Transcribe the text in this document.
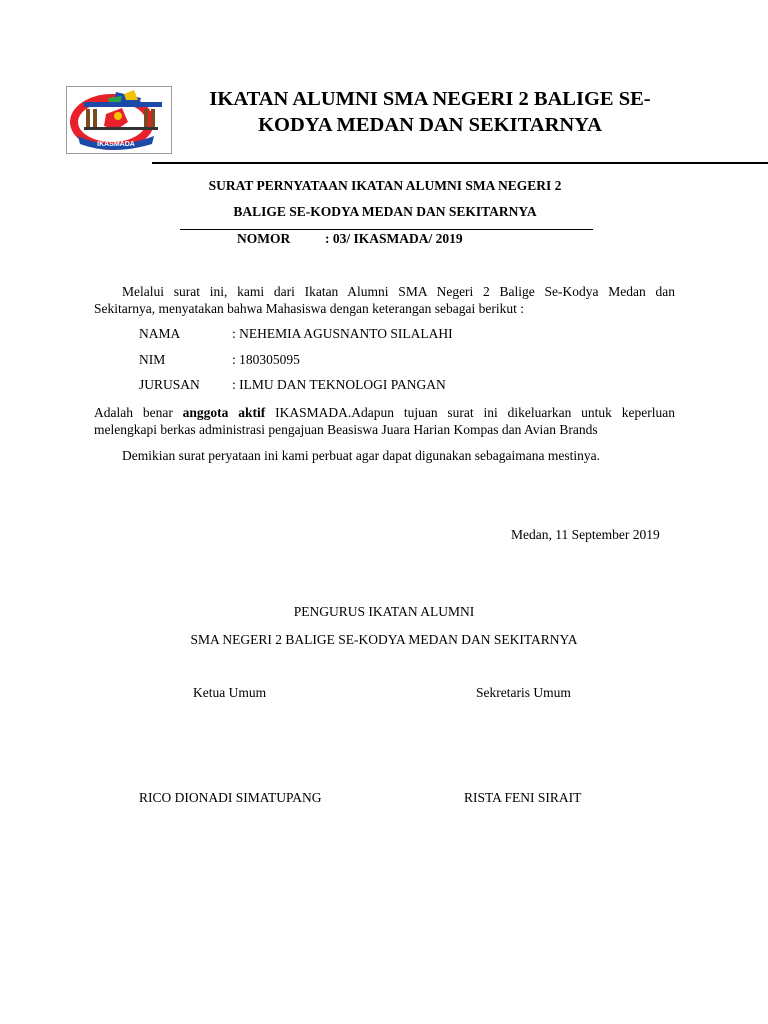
IKASMADA
IKATAN ALUMNI SMA NEGERI 2 BALIGE SE-
KODYA MEDAN DAN SEKITARNYA
SURAT PERNYATAAN IKATAN ALUMNI SMA NEGERI 2
BALIGE SE-KODYA MEDAN DAN SEKITARNYA
NOMOR	: 03/ IKASMADA/ 2019
Melalui surat ini, kami dari Ikatan Alumni SMA Negeri 2 Balige Se-Kodya Medan dan
Sekitarnya, menyatakan bahwa Mahasiswa dengan keterangan sebagai berikut :
NAMA	: NEHEMIA AGUSNANTO SILALAHI
NIM	: 180305095
JURUSAN : ILMU DAN TEKNOLOGI PANGAN
Adalah benar anggota aktif IKASMADA.Adapun tujuan surat ini dikeluarkan untuk keperluan
melengkapi berkas administrasi pengajuan Beasiswa Juara Harian Kompas dan Avian Brands
Demikian surat peryataan ini kami perbuat agar dapat digunakan sebagaimana mestinya.
Medan, 11 September 2019
PENGURUS IKATAN ALUMNI
SMA NEGERI 2 BALIGE SE-KODYA MEDAN DAN SEKITARNYA
Ketua Umum	Sekretaris Umum
RICO DIONADI SIMATUPANG	RISTA FENI SIRAIT
